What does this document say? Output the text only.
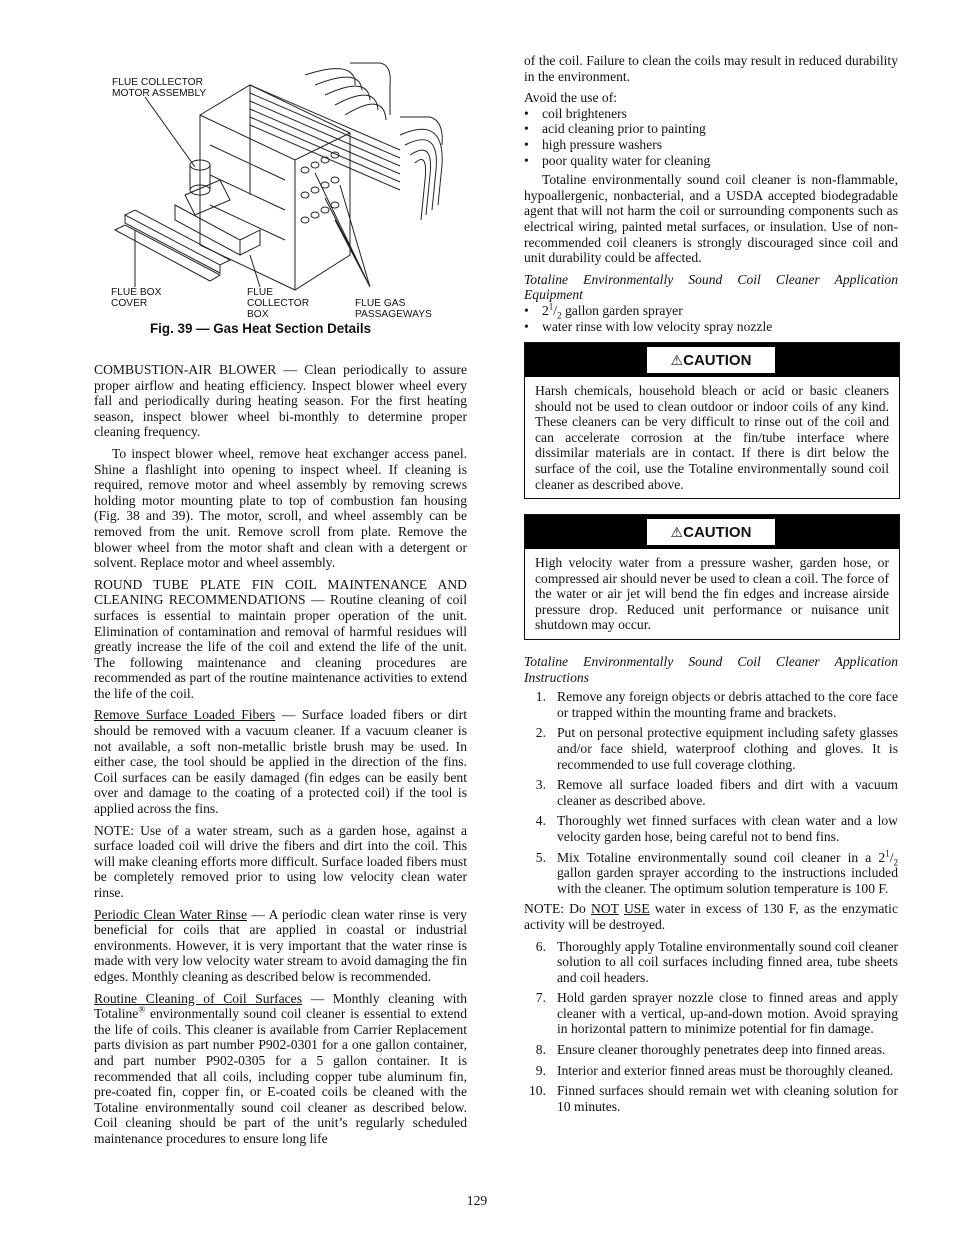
FLUE COLLECTOR
MOTOR ASSEMBLY
FLUE BOX
COVER
FLUE
COLLECTOR
BOX
FLUE GAS
PASSAGEWAYS
Fig. 39 — Gas Heat Section Details

COMBUSTION-AIR BLOWER — Clean periodically to assure proper airflow and heating efficiency. Inspect blower wheel every fall and periodically during heating season. For the first heating season, inspect blower wheel bi-monthly to determine proper cleaning frequency.

To inspect blower wheel, remove heat exchanger access panel. Shine a flashlight into opening to inspect wheel. If cleaning is required, remove motor and wheel assembly by removing screws holding motor mounting plate to top of combustion fan housing (Fig. 38 and 39). The motor, scroll, and wheel assembly can be removed from the unit. Remove scroll from plate. Remove the blower wheel from the motor shaft and clean with a detergent or solvent. Replace motor and wheel assembly.

ROUND TUBE PLATE FIN COIL MAINTENANCE AND CLEANING RECOMMENDATIONS — Routine cleaning of coil surfaces is essential to maintain proper operation of the unit. Elimination of contamination and removal of harmful residues will greatly increase the life of the coil and extend the life of the unit. The following maintenance and cleaning procedures are recommended as part of the routine maintenance activities to extend the life of the coil.

Remove Surface Loaded Fibers — Surface loaded fibers or dirt should be removed with a vacuum cleaner. If a vacuum cleaner is not available, a soft non-metallic bristle brush may be used. In either case, the tool should be applied in the direction of the fins. Coil surfaces can be easily damaged (fin edges can be easily bent over and damage to the coating of a protected coil) if the tool is applied across the fins.

NOTE: Use of a water stream, such as a garden hose, against a surface loaded coil will drive the fibers and dirt into the coil. This will make cleaning efforts more difficult. Surface loaded fibers must be completely removed prior to using low velocity clean water rinse.

Periodic Clean Water Rinse — A periodic clean water rinse is very beneficial for coils that are applied in coastal or industrial environments. However, it is very important that the water rinse is made with very low velocity water stream to avoid damaging the fin edges. Monthly cleaning as described below is recommended.

Routine Cleaning of Coil Surfaces — Monthly cleaning with Totaline® environmentally sound coil cleaner is essential to extend the life of coils. This cleaner is available from Carrier Replacement parts division as part number P902-0301 for a one gallon container, and part number P902-0305 for a 5 gallon container. It is recommended that all coils, including copper tube aluminum fin, pre-coated fin, copper fin, or E-coated coils be cleaned with the Totaline environmentally sound coil cleaner as described below. Coil cleaning should be part of the unit’s regularly scheduled maintenance procedures to ensure long life

of the coil. Failure to clean the coils may result in reduced durability in the environment.

Avoid the use of:
• coil brighteners
• acid cleaning prior to painting
• high pressure washers
• poor quality water for cleaning

Totaline environmentally sound coil cleaner is non-flammable, hypoallergenic, nonbacterial, and a USDA accepted biodegradable agent that will not harm the coil or surrounding components such as electrical wiring, painted metal surfaces, or insulation. Use of non-recommended coil cleaners is strongly discouraged since coil and unit durability could be affected.

Totaline Environmentally Sound Coil Cleaner Application Equipment
• $2^1/_2$ gallon garden sprayer
• water rinse with low velocity spray nozzle
⚠CAUTION
Harsh chemicals, household bleach or acid or basic cleaners should not be used to clean outdoor or indoor coils of any kind. These cleaners can be very difficult to rinse out of the coil and can accelerate corrosion at the fin/tube interface where dissimilar materials are in contact. If there is dirt below the surface of the coil, use the Totaline environmentally sound coil cleaner as described above.
⚠CAUTION
High velocity water from a pressure washer, garden hose, or compressed air should never be used to clean a coil. The force of the water or air jet will bend the fin edges and increase airside pressure drop. Reduced unit performance or nuisance unit shutdown may occur.
Totaline Environmentally Sound Coil Cleaner Application Instructions
1. Remove any foreign objects or debris attached to the core face or trapped within the mounting frame and brackets.
2. Put on personal protective equipment including safety glasses and/or face shield, waterproof clothing and gloves. It is recommended to use full coverage clothing.
3. Remove all surface loaded fibers and dirt with a vacuum cleaner as described above.
4. Thoroughly wet finned surfaces with clean water and a low velocity garden hose, being careful not to bend fins.
5. Mix Totaline environmentally sound coil cleaner in a $2^1/_2$ gallon garden sprayer according to the instructions included with the cleaner. The optimum solution temperature is 100 F.

NOTE: Do NOT USE water in excess of 130 F, as the enzymatic activity will be destroyed.

6. Thoroughly apply Totaline environmentally sound coil cleaner solution to all coil surfaces including finned area, tube sheets and coil headers.
7. Hold garden sprayer nozzle close to finned areas and apply cleaner with a vertical, up-and-down motion. Avoid spraying in horizontal pattern to minimize potential for fin damage.
8. Ensure cleaner thoroughly penetrates deep into finned areas.
9. Interior and exterior finned areas must be thoroughly cleaned.
10. Finned surfaces should remain wet with cleaning solution for 10 minutes.
129
